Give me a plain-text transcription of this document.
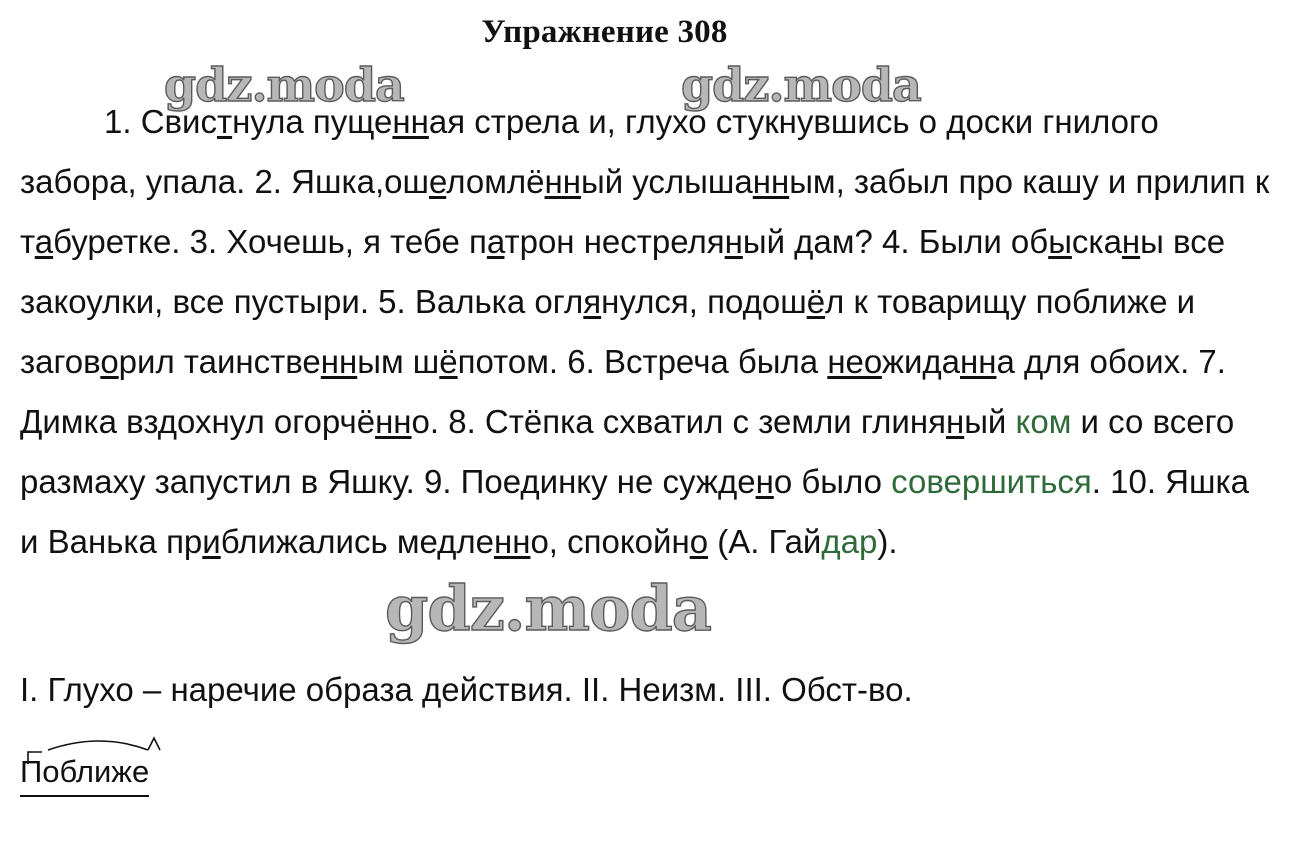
Упражнение 308
gdz.moda	gdz.moda
1. Свистнула пущенная стрела и, глухо стукнувшись о доски гнилого забора, упала. 2. Яшка,ошеломлённый услышанным, забыл про кашу и прилип к табуретке. 3. Хочешь, я тебе патрон нестреляный дам? 4. Были обысканы все закоулки, все пустыри. 5. Валька оглянулся, подошёл к товарищу поближе и заговорил таинственным шёпотом. 6. Встреча была неожиданна для обоих. 7. Димка вздохнул огорчённо. 8. Стёпка схватил с земли глиняный ком и со всего размаху запустил в Яшку. 9. Поединку не суждено было совершиться. 10. Яшка и Ванька приближались медленно, спокойно (А. Гайдар).
gdz.moda
I. Глухо – наречие образа действия. II. Неизм. III. Обст-во.
Поближе
